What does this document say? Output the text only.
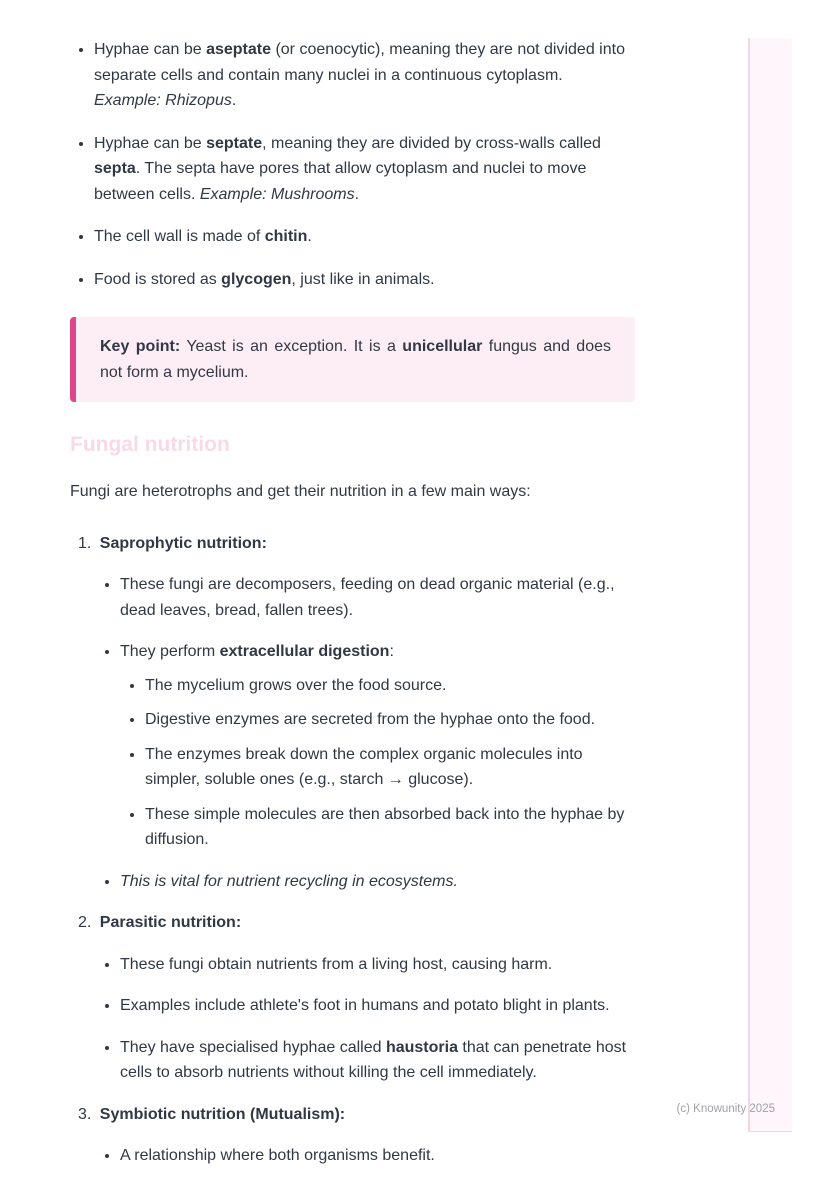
• Hyphae can be aseptate (or coenocytic), meaning they are not divided into separate cells and contain many nuclei in a continuous cytoplasm.
Example: Rhizopus.
• Hyphae can be septate, meaning they are divided by cross-walls called septa. The septa have pores that allow cytoplasm and nuclei to move between cells. Example: Mushrooms.
• The cell wall is made of chitin.
• Food is stored as glycogen, just like in animals.

Key point: Yeast is an exception. It is a unicellular fungus and does not form a mycelium.

Fungal nutrition

Fungi are heterotrophs and get their nutrition in a few main ways:

1. Saprophytic nutrition:

• These fungi are decomposers, feeding on dead organic material (e.g., dead leaves, bread, fallen trees).
• They perform extracellular digestion:
• The mycelium grows over the food source.
• Digestive enzymes are secreted from the hyphae onto the food.
• The enzymes break down the complex organic molecules into simpler, soluble ones (e.g., starch → glucose).
• These simple molecules are then absorbed back into the hyphae by diffusion.
• This is vital for nutrient recycling in ecosystems.

2. Parasitic nutrition:

• These fungi obtain nutrients from a living host, causing harm.
• Examples include athlete's foot in humans and potato blight in plants.
• They have specialised hyphae called haustoria that can penetrate host cells to absorb nutrients without killing the cell immediately.

3. Symbiotic nutrition (Mutualism):

• A relationship where both organisms benefit.
(c) Knowunity 2025
